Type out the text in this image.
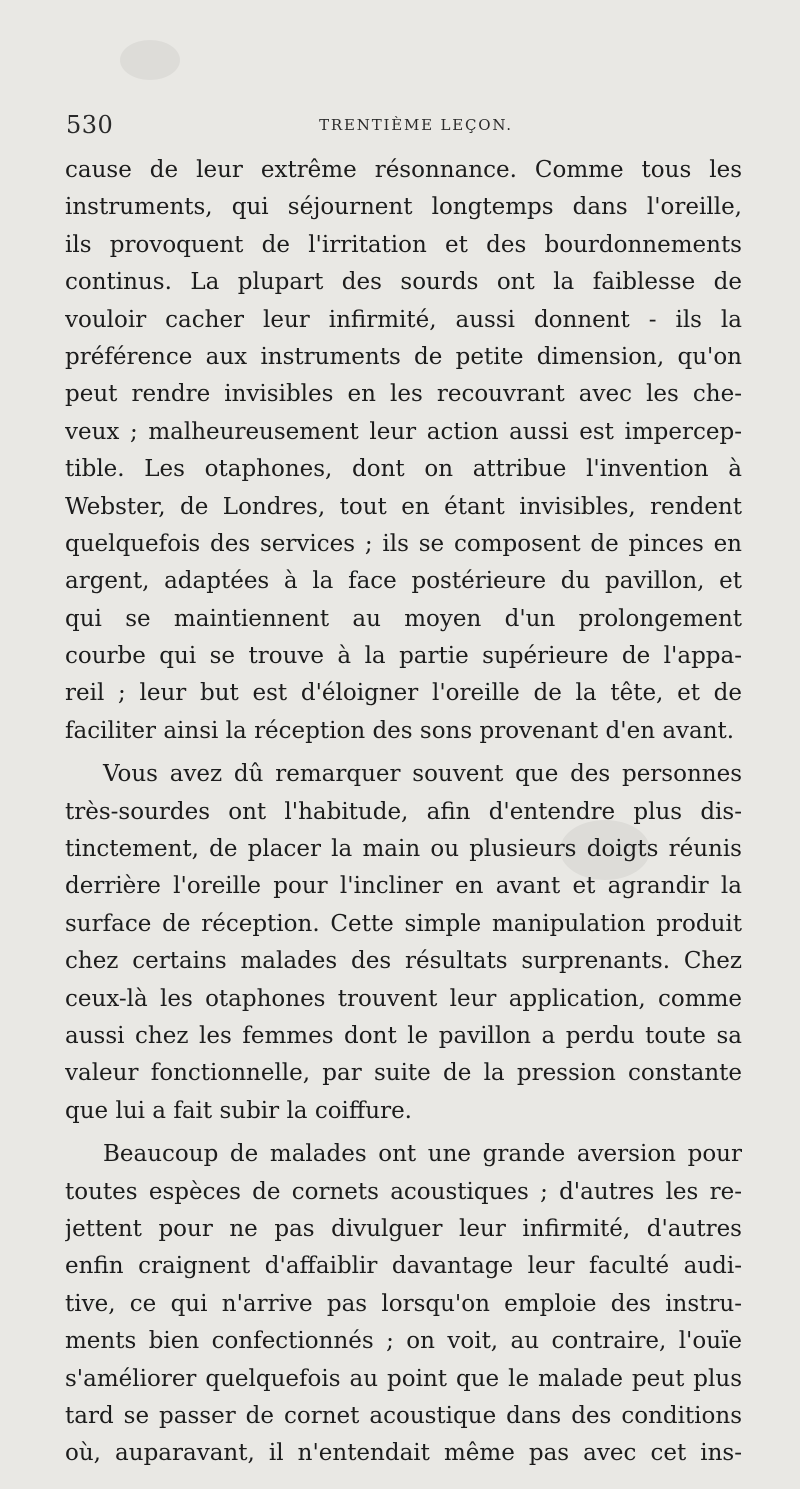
530	TRENTIÈME LEÇON.
cause de leur extrême résonnance. Comme tous les
instruments, qui séjournent longtemps dans l'oreille,
ils provoquent de l'irritation et des bourdonnements
continus. La plupart des sourds ont la faiblesse de
vouloir cacher leur infirmité, aussi donnent - ils la
préférence aux instruments de petite dimension, qu'on
peut rendre invisibles en les recouvrant avec les che-
veux ; malheureusement leur action aussi est impercep-
tible. Les otaphones, dont on attribue l'invention à
Webster, de Londres, tout en étant invisibles, rendent
quelquefois des services ; ils se composent de pinces en
argent, adaptées à la face postérieure du pavillon, et
qui se maintiennent au moyen d'un prolongement
courbe qui se trouve à la partie supérieure de l'appa-
reil ; leur but est d'éloigner l'oreille de la tête, et de
faciliter ainsi la réception des sons provenant d'en avant.
Vous avez dû remarquer souvent que des personnes
très-sourdes ont l'habitude, afin d'entendre plus dis-
tinctement, de placer la main ou plusieurs doigts réunis
derrière l'oreille pour l'incliner en avant et agrandir la
surface de réception. Cette simple manipulation produit
chez certains malades des résultats surprenants. Chez
ceux-là les otaphones trouvent leur application, comme
aussi chez les femmes dont le pavillon a perdu toute sa
valeur fonctionnelle, par suite de la pression constante
que lui a fait subir la coiffure.
Beaucoup de malades ont une grande aversion pour
toutes espèces de cornets acoustiques ; d'autres les re-
jettent pour ne pas divulguer leur infirmité, d'autres
enfin craignent d'affaiblir davantage leur faculté audi-
tive, ce qui n'arrive pas lorsqu'on emploie des instru-
ments bien confectionnés ; on voit, au contraire, l'ouïe
s'améliorer quelquefois au point que le malade peut plus
tard se passer de cornet acoustique dans des conditions
où, auparavant, il n'entendait même pas avec cet ins-
